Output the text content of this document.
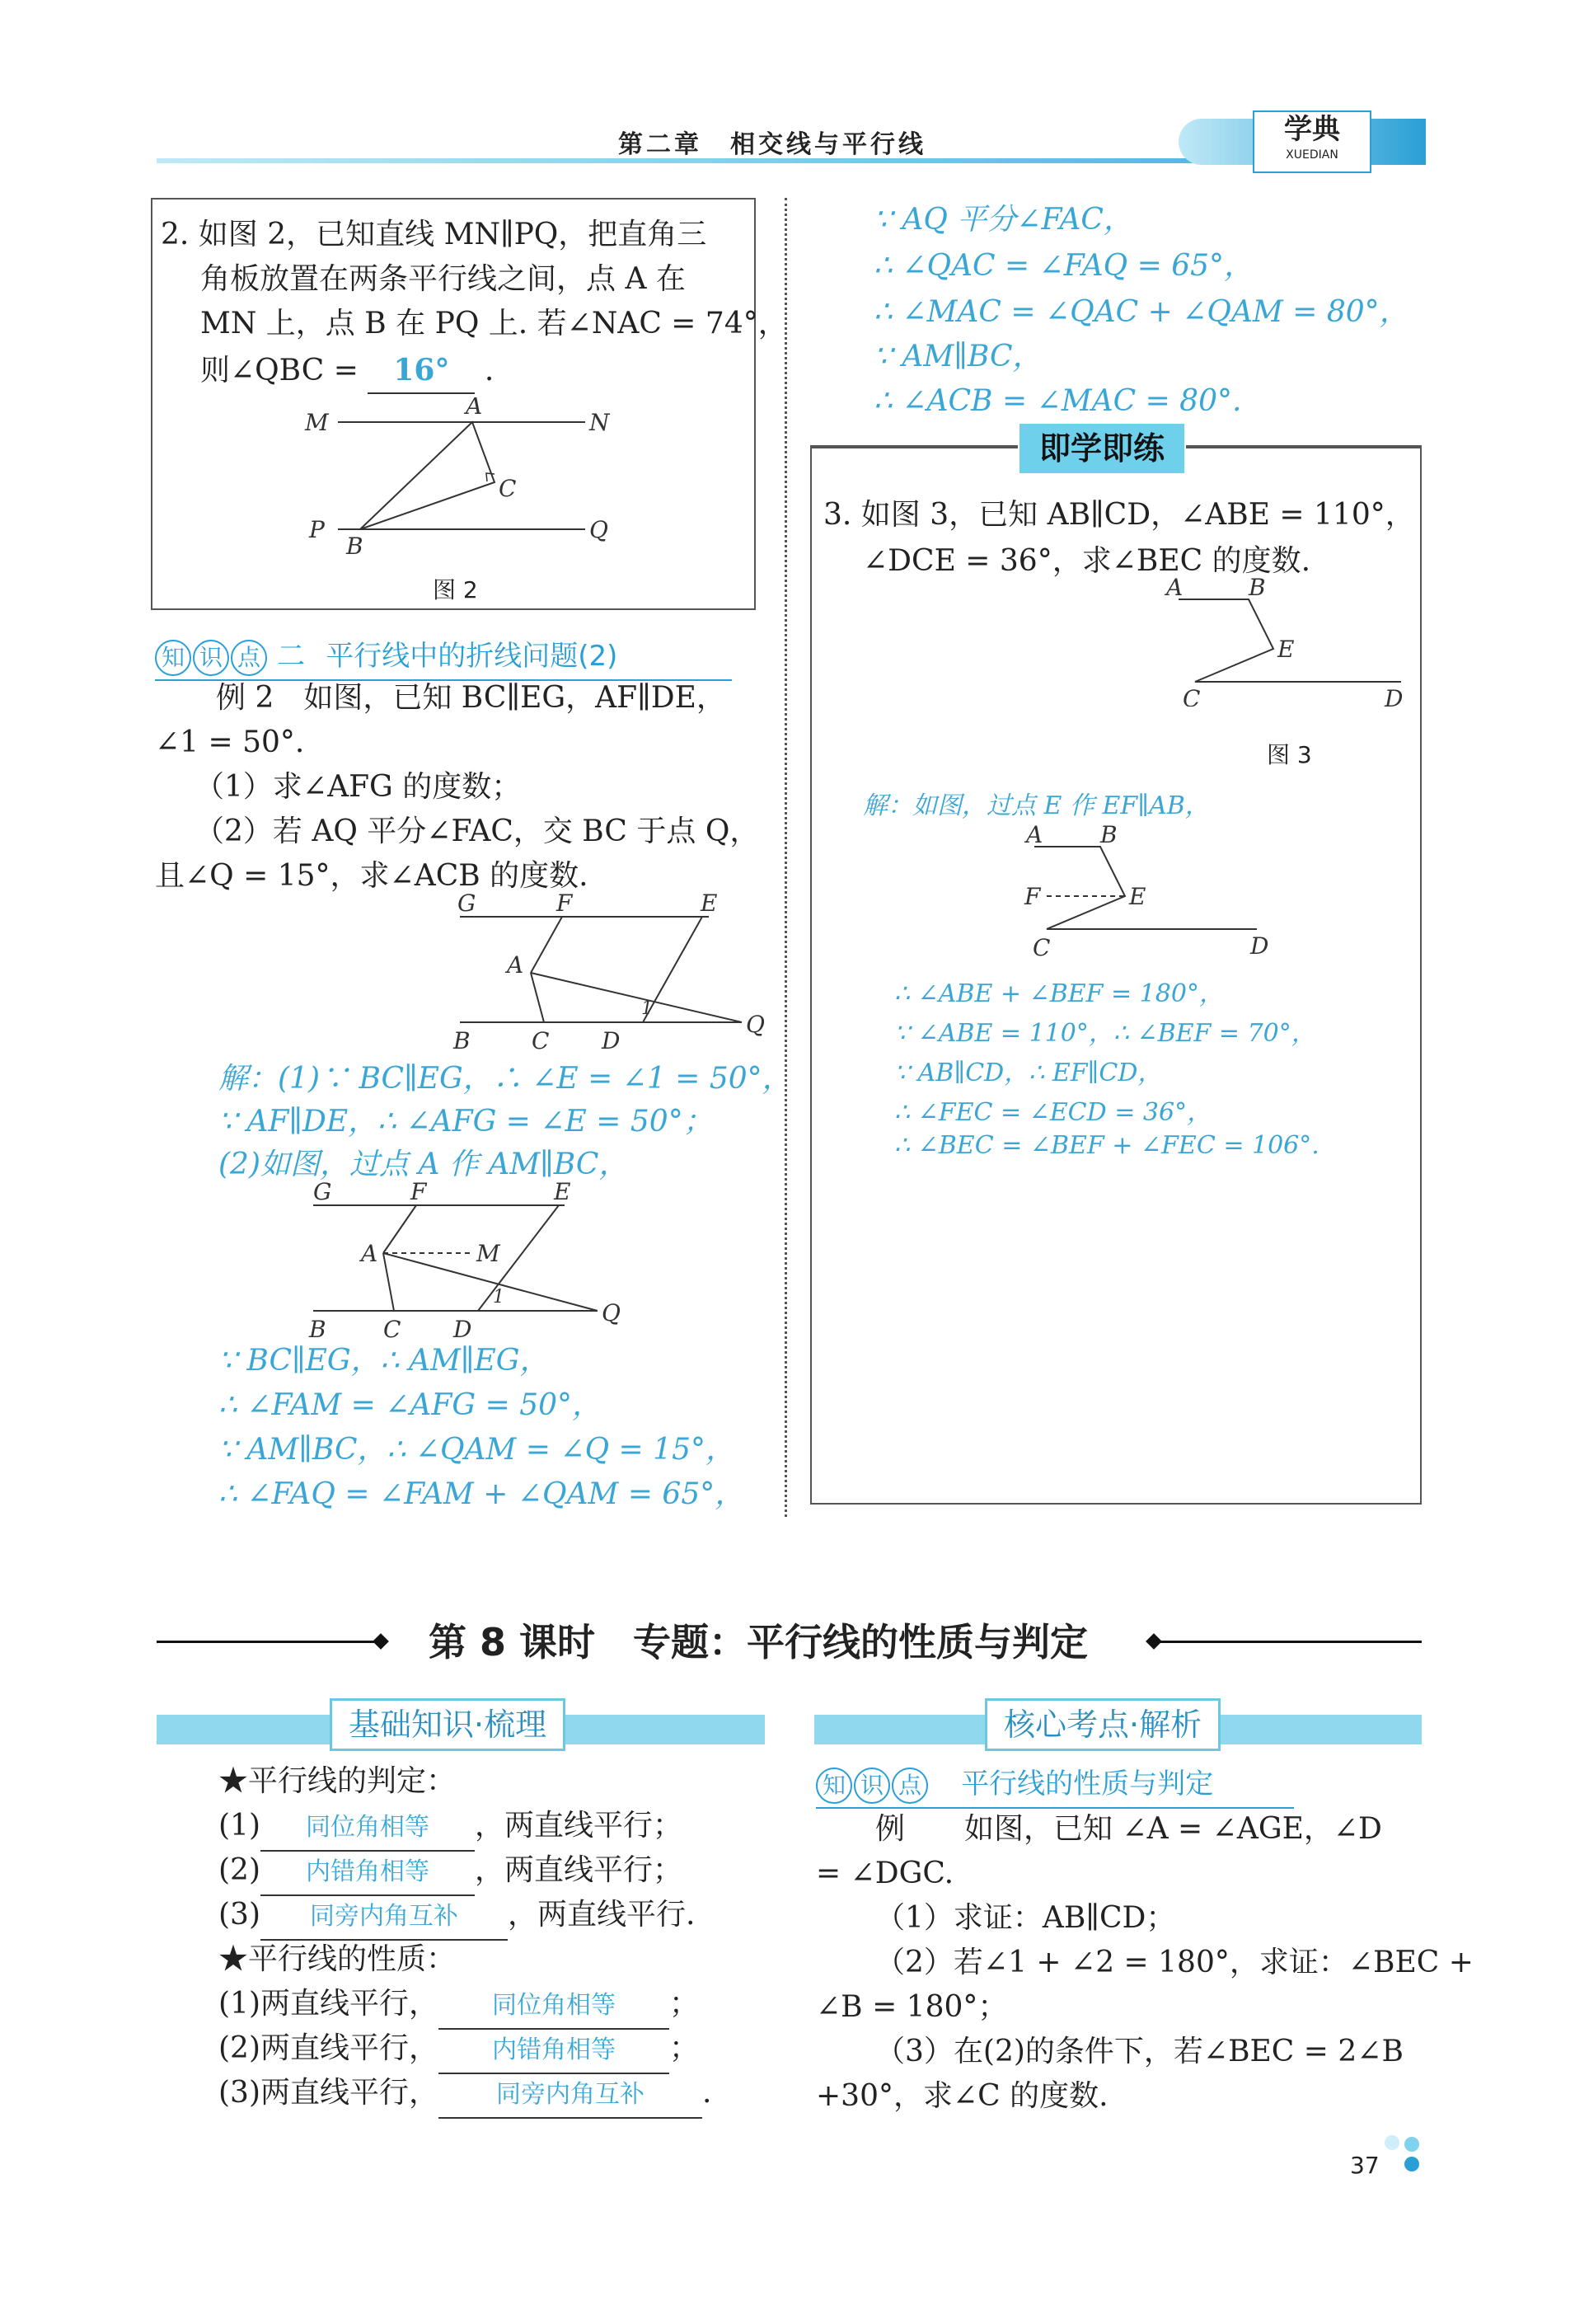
第二章　相交线与平行线	学典
XUEDIAN
2. 如图 2，已知直线 MN∥PQ，把直角三
角板放置在两条平行线之间，点 A 在
MN 上，点 B 在 PQ 上. 若∠NAC = 74°，
则∠QBC = 16° .
M
A
N
C
P
B
Q
图 2
知 识 点 二 平行线中的折线问题(2)
例 2　如图，已知 BC∥EG，AF∥DE，
∠1 = 50°.
（1）求∠AFG 的度数；
（2）若 AQ 平分∠FAC，交 BC 于点 Q，
且∠Q = 15°，求∠ACB 的度数.
G	F	E
A
1
B	C D
Q
解：(1)∵ BC∥EG，∴ ∠E = ∠1 = 50°，
∵ AF∥DE，∴ ∠AFG = ∠E = 50°；
(2)如图，过点 A 作 AM∥BC，
G	F	E
A	M
1
B C D
Q
∵ BC∥EG，∴ AM∥EG，
∴ ∠FAM = ∠AFG = 50°，
∵ AM∥BC，∴ ∠QAM = ∠Q = 15°，
∴ ∠FAQ = ∠FAM + ∠QAM = 65°，
∵ AQ 平分∠FAC，
∴ ∠QAC = ∠FAQ = 65°，
∴ ∠MAC = ∠QAC + ∠QAM = 80°，
∵ AM∥BC，
∴ ∠ACB = ∠MAC = 80°.
即学即练
3. 如图 3，已知 AB∥CD，∠ABE = 110°，
∠DCE = 36°，求∠BEC 的度数.
A	B
E
C	D
图 3
解：如图，过点 E 作 EF∥AB，
A B
F	E
C	D
∴ ∠ABE + ∠BEF = 180°，
∵ ∠ABE = 110°，∴ ∠BEF = 70°，
∵ AB∥CD，∴ EF∥CD，
∴ ∠FEC = ∠ECD = 36°，
∴ ∠BEC = ∠BEF + ∠FEC = 106°.
第 8 课时　专题：平行线的性质与判定
基础知识·梳理	核心考点·解析
★平行线的判定：
(1) 同位角相等 ，两直线平行；
(2) 内错角相等 ，两直线平行；
(3) 同旁内角互补 ，两直线平行.
★平行线的性质：
(1)两直线平行， 同位角相等 ；
(2)两直线平行， 内错角相等 ；
(3)两直线平行， 同旁内角互补 .
知 识 点 平行线的性质与判定
例　　如图，已知 ∠A = ∠AGE，∠D
= ∠DGC.
（1）求证：AB∥CD；
（2）若∠1 + ∠2 = 180°，求证：∠BEC +
∠B = 180°；
（3）在(2)的条件下，若∠BEC = 2∠B
+30°，求∠C 的度数.
37
